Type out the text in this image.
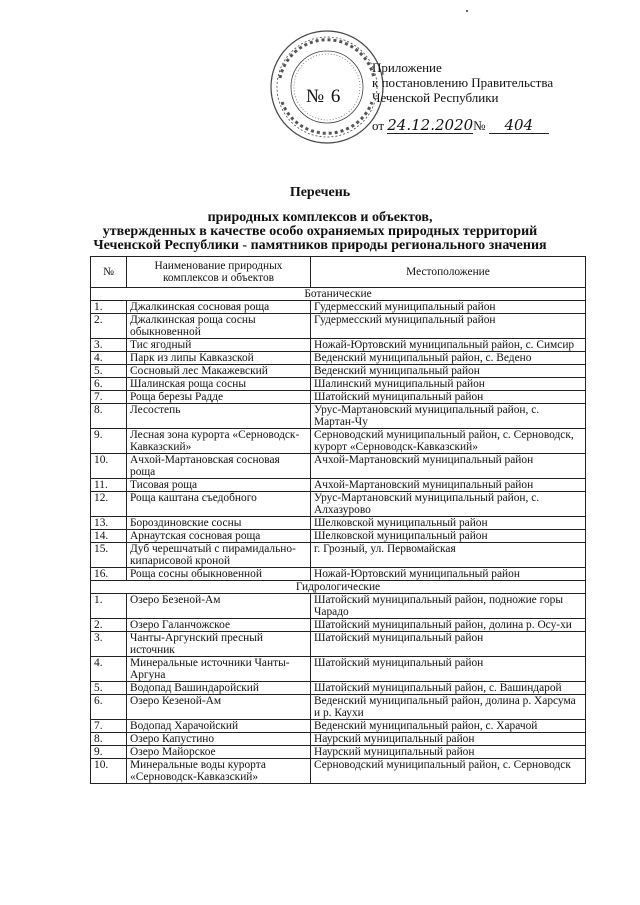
№ 6
Приложение
к постановлению Правительства
Чеченской Республики
от 24.12.2020№ 404
Перечень
природных комплексов и объектов,
утвержденных в качестве особо охраняемых природных территорий
Чеченской Республики - памятников природы регионального значения
№	Наименование природных комплексов и объектов	Местоположение
Ботанические		
1.	Джалкинская сосновая роща	Гудермесский муниципальный район
2.	Джалкинская роща сосны обыкновенной	Гудермесский муниципальный район
3.	Тис ягодный	Ножай-Юртовский муниципальный район, с. Симсир
4.	Парк из липы Кавказской	Веденский муниципальный район, с. Ведено
5.	Сосновый лес Макажевский	Веденский муниципальный район
6.	Шалинская роща сосны	Шалинский муниципальный район
7.	Роща березы Радде	Шатойский муниципальный район
8.	Лесостепь	Урус-Мартановский муниципальный район, с. Мартан-Чу
9.	Лесная зона курорта «Серноводск-Кавказский»	Серноводский муниципальный район, с. Серноводск, курорт «Серноводск-Кавказский»
10.	Ачхой-Мартановская сосновая роща	Ачхой-Мартановский муниципальный район
11.	Тисовая роща	Ачхой-Мартановский муниципальный район
12.	Роща каштана съедобного	Урус-Мартановский муниципальный район, с. Алхазурово
13.	Бороздиновские сосны	Шелковской муниципальный район
14.	Арнаутская сосновая роща	Шелковской муниципальный район
15.	Дуб черешчатый с пирамидально-кипарисовой кроной	г. Грозный, ул. Первомайская
16.	Роща сосны обыкновенной	Ножай-Юртовский муниципальный район
Гидрологические		
1.	Озеро Безеной-Ам	Шатойский муниципальный район, подножие горы Чарадо
2.	Озеро Галанчожское	Шатойский муниципальный район, долина р. Осу-хи
3.	Чанты-Аргунский пресный источник	Шатойский муниципальный район
4.	Минеральные источники Чанты-Аргуна	Шатойский муниципальный район
5.	Водопад Вашиндаройский	Шатойский муниципальный район, с. Вашиндарой
6.	Озеро Кезеной-Ам	Веденский муниципальный район, долина р. Харсума и р. Каухи
7.	Водопад Харачойский	Веденский муниципальный район, с. Харачой
8.	Озеро Капустино	Наурский муниципальный район
9.	Озеро Майорское	Наурский муниципальный район
10.	Минеральные воды курорта «Серноводск-Кавказский»	Серноводский муниципальный район, с. Серноводск
